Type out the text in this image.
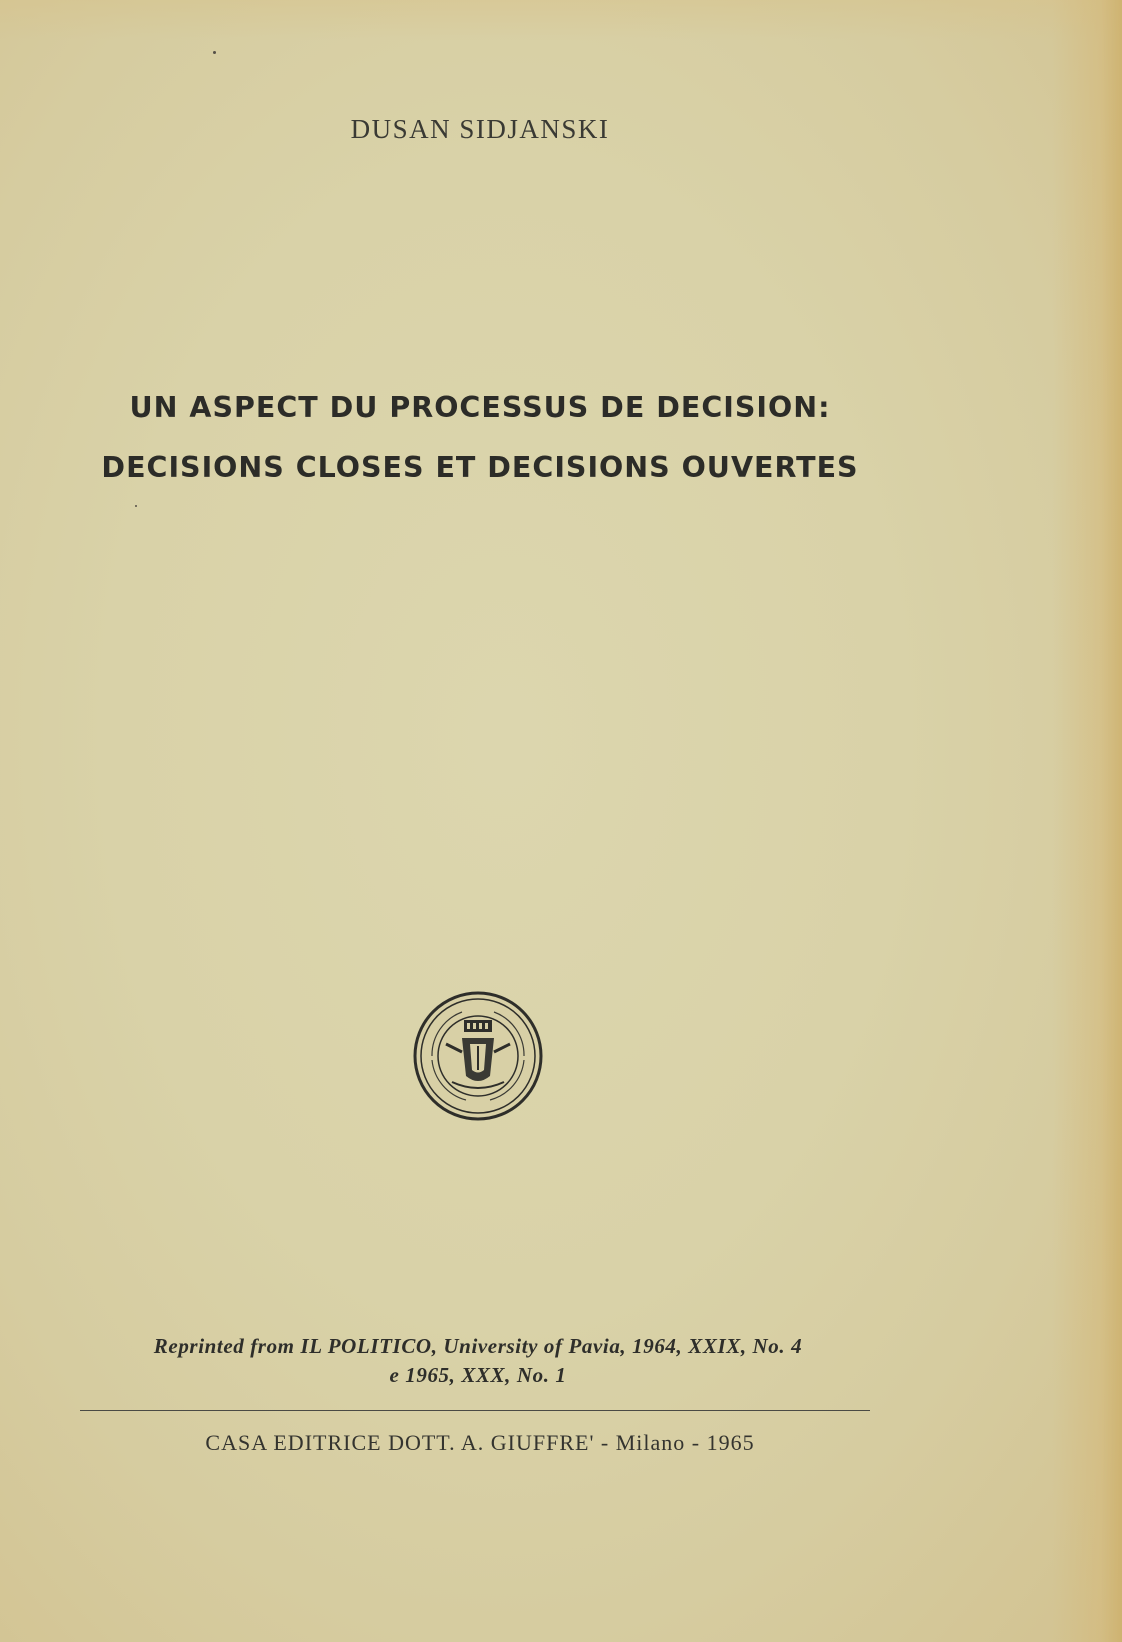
DUSAN SIDJANSKI
UN ASPECT DU PROCESSUS DE DECISION:
DECISIONS CLOSES ET DECISIONS OUVERTES
Reprinted from IL POLITICO, University of Pavia, 1964, XXIX, No. 4
e 1965, XXX, No. 1
CASA EDITRICE DOTT. A. GIUFFRE' - Milano - 1965
